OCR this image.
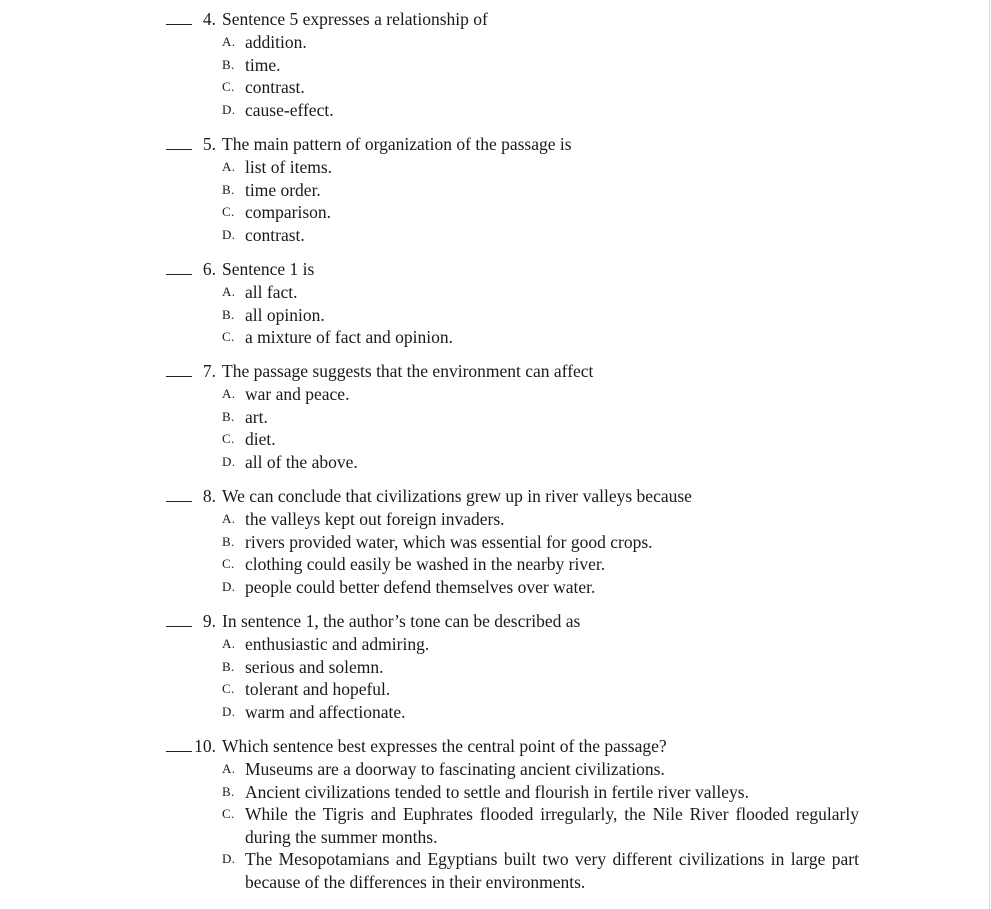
4. Sentence 5 expresses a relationship of
A. addition.
B. time.
C. contrast.
D. cause-effect.
5. The main pattern of organization of the passage is
A. list of items.
B. time order.
C. comparison.
D. contrast.
6. Sentence 1 is
A. all fact.
B. all opinion.
C. a mixture of fact and opinion.
7. The passage suggests that the environment can affect
A. war and peace.
B. art.
C. diet.
D. all of the above.
8. We can conclude that civilizations grew up in river valleys because
A. the valleys kept out foreign invaders.
B. rivers provided water, which was essential for good crops.
C. clothing could easily be washed in the nearby river.
D. people could better defend themselves over water.
9. In sentence 1, the author’s tone can be described as
A. enthusiastic and admiring.
B. serious and solemn.
C. tolerant and hopeful.
D. warm and affectionate.
10. Which sentence best expresses the central point of the passage?
A. Museums are a doorway to fascinating ancient civilizations.
B. Ancient civilizations tended to settle and flourish in fertile river valleys.
C. While the Tigris and Euphrates flooded irregularly, the Nile River flooded regularly during the summer months.
D. The Mesopotamians and Egyptians built two very different civilizations in large part because of the differences in their environments.
